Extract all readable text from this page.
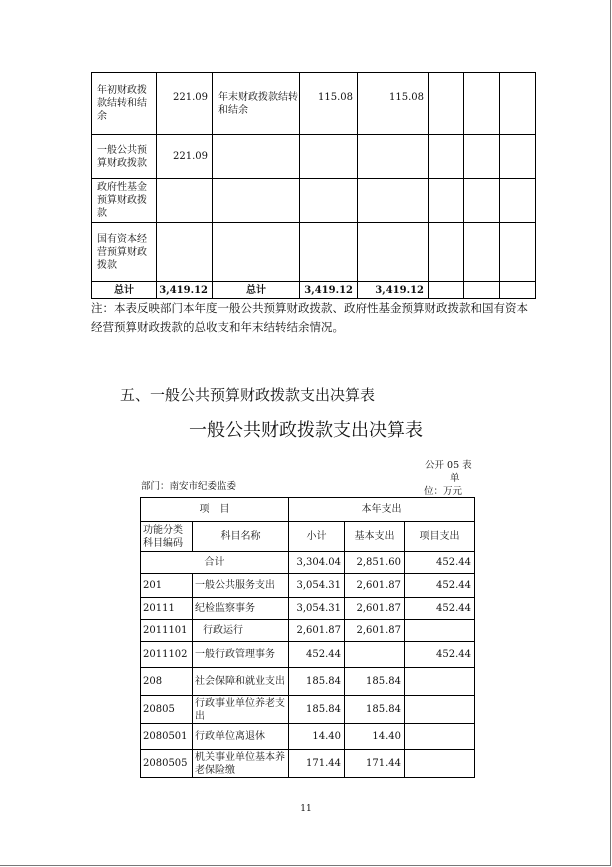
年初财政拨款结转和结余	221.09	年末财政拨款结转和结余	115.08	115.08			
一般公共预算财政拨款	221.09						
政府性基金预算财政拨款							
国有资本经营预算财政拨款							
总计	3,419.12	总计	3,419.12	3,419.12			
注：本表反映部门本年度一般公共预算财政拨款、政府性基金预算财政拨款和国有资本经营预算财政拨款的总收支和年末结转结余情况。
五、一般公共预算财政拨款支出决算表
一般公共财政拨款支出决算表
公开 05 表
单
部门：南安市纪委监委	位：万元
项　目		本年支出		
功能分类科目编码	科目名称	小计	基本支出	项目支出
合计		3,304.04	2,851.60	452.44
201	一般公共服务支出	3,054.31	2,601.87	452.44
20111	纪检监察事务	3,054.31	2,601.87	452.44
2011101	行政运行	2,601.87	2,601.87	
2011102	一般行政管理事务	452.44		452.44
208	社会保障和就业支出	185.84	185.84	
20805	行政事业单位养老支出	185.84	185.84	
2080501	行政单位离退休	14.40	14.40	
2080505	机关事业单位基本养老保险缴	171.44	171.44	
11
